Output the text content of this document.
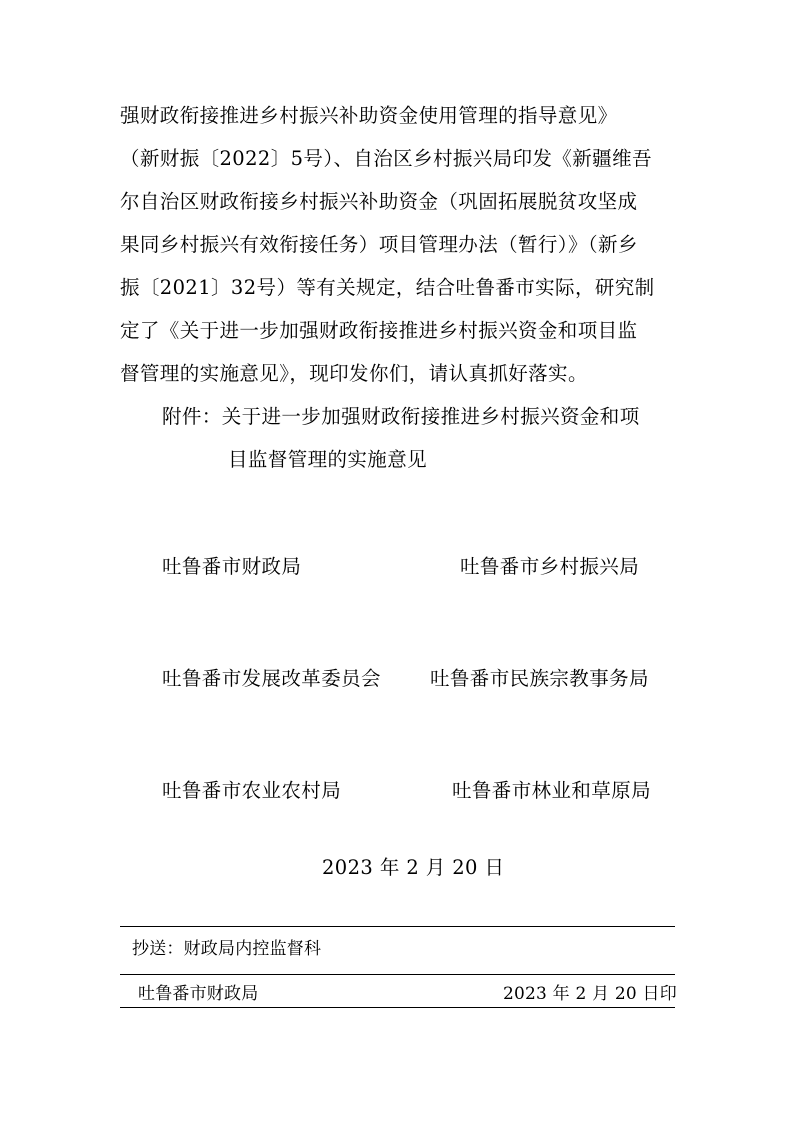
强财政衔接推进乡村振兴补助资金使用管理的指导意见》
（新财振〔2022〕5号）、自治区乡村振兴局印发《新疆维吾
尔自治区财政衔接乡村振兴补助资金（巩固拓展脱贫攻坚成
果同乡村振兴有效衔接任务）项目管理办法（暂行）》（新乡
振〔2021〕32号）等有关规定，结合吐鲁番市实际，研究制
定了《关于进一步加强财政衔接推进乡村振兴资金和项目监
督管理的实施意见》，现印发你们，请认真抓好落实。
附件：关于进一步加强财政衔接推进乡村振兴资金和项
目监督管理的实施意见
吐鲁番市财政局	吐鲁番市乡村振兴局
吐鲁番市发展改革委员会	吐鲁番市民族宗教事务局
吐鲁番市农业农村局	吐鲁番市林业和草原局
2023 年 2 月 20 日
抄送：财政局内控监督科
吐鲁番市财政局	2023 年 2 月 20 日印
